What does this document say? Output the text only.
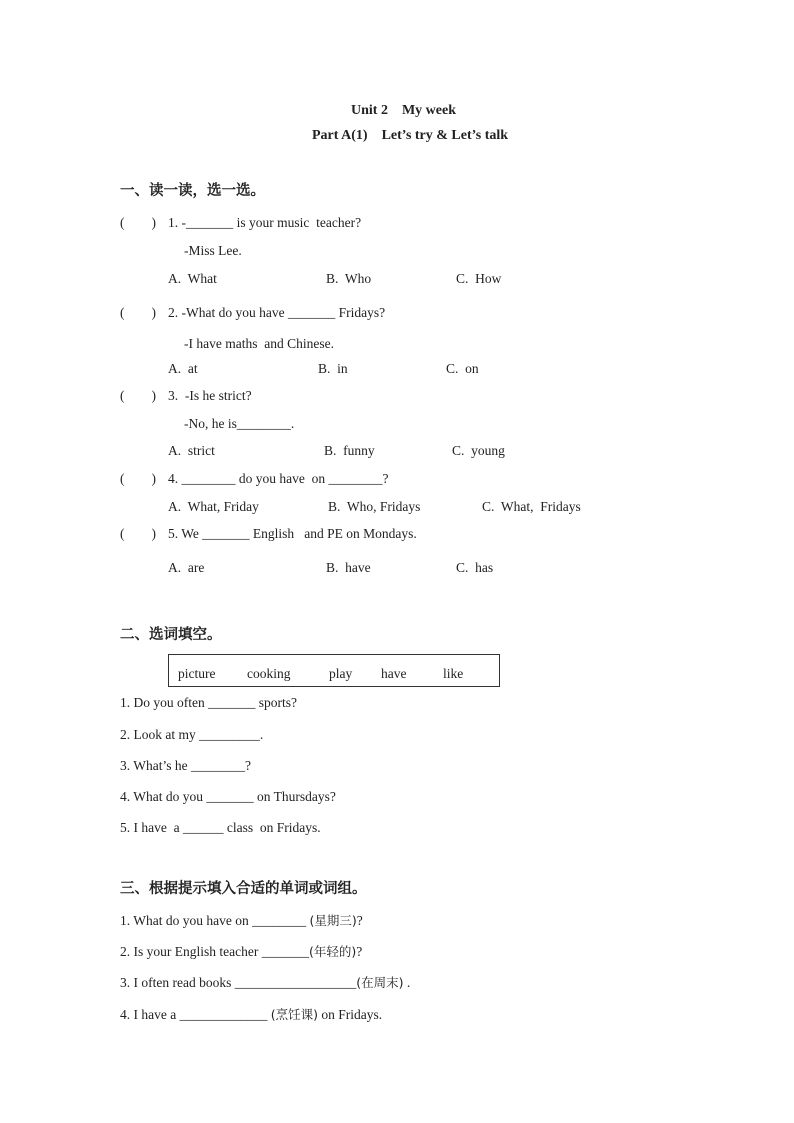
Unit 2    My week
Part A(1)    Let’s try & Let’s talk
一、读一读，选一选。
(        ) 1. -_______ is your music  teacher?
-Miss Lee.
A.  What	B.  Who	C.  How
(        ) 2. -What do you have _______ Fridays?
-I have maths  and Chinese.
A.  at	B.  in	C.  on
(        ) 3.  -Is he strict?
-No, he is________.
A.  strict	B.  funny	C.  young
(        ) 4. ________ do you have  on ________?
A.  What, Friday	B.  Who, Fridays	C.  What,  Fridays
(        ) 5. We _______ English   and PE on Mondays.
A.  are	B.  have	C.  has
二、选词填空。
picture cooking	play have	like
1. Do you often _______ sports?
2. Look at my _________.
3. What’s he ________?
4. What do you _______ on Thursdays?
5. I have  a ______ class  on Fridays.
三、根据提示填入合适的单词或词组。
1. What do you have on ________ (星期三)?
2. Is your English teacher _______(年轻的)?
3. I often read books __________________(在周末) .
4. I have a _____________ (烹饪课) on Fridays.
